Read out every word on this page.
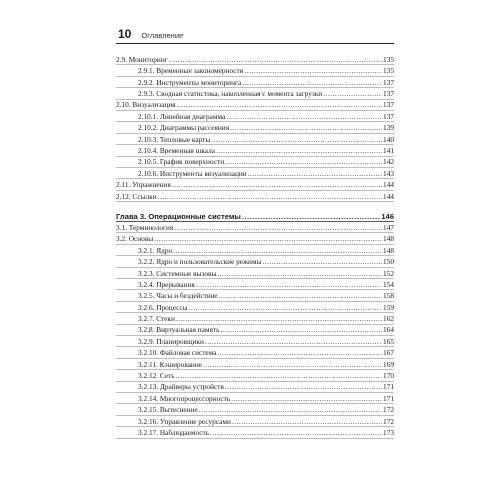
10 Оглавление
2.9. Мониторинг .....	135
2.9.1. Временные закономерности .....	135
2.9.2. Инструменты мониторинга .....	137
2.9.3. Сводная статистика, накопленная с момента загрузки .....	137
2.10. Визуализация .....	137
2.10.1. Линейная диаграмма .....	137
2.10.2. Диаграммы рассеяния .....	139
2.10.3. Тепловые карты .....	140
2.10.4. Временная шкала .....	141
2.10.5. График поверхности .....	142
2.10.6. Инструменты визуализации .....	143
2.11. Упражнения .....	144
2.12. Ссылки .....	144
Глава 3. Операционные системы .....	146
3.1. Терминология .....	147
3.2. Основы .....	148
3.2.1. Ядро .....	148
3.2.2. Ядро и пользовательские режимы .....	150
3.2.3. Системные вызовы .....	152
3.2.4. Прерывания .....	154
3.2.5. Часы и бездействие .....	158
3.2.6. Процессы .....	159
3.2.7. Стеки .....	162
3.2.8. Виртуальная память .....	164
3.2.9. Планировщики .....	165
3.2.10. Файловая система .....	167
3.2.11. Кэширование .....	169
3.2.12. Сеть .....	170
3.2.13. Драйверы устройств .....	171
3.2.14. Многопроцессорность .....	171
3.2.15. Вытеснение .....	172
3.2.16. Управление ресурсами .....	172
3.2.17. Наблюдаемость .....	173
